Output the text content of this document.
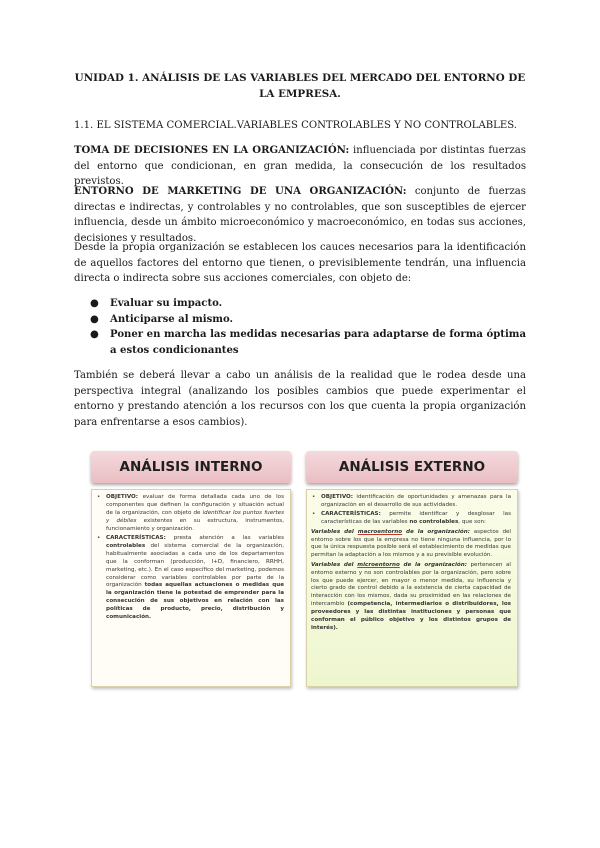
UNIDAD 1. ANÁLISIS DE LAS VARIABLES DEL MERCADO DEL ENTORNO DE LA EMPRESA.
1.1. EL SISTEMA COMERCIAL.VARIABLES CONTROLABLES Y NO CONTROLABLES.
TOMA DE DECISIONES EN LA ORGANIZACIÓN: influenciada por distintas fuerzas del entorno que condicionan, en gran medida, la consecución de los resultados previstos.
ENTORNO DE MARKETING DE UNA ORGANIZACIÓN: conjunto de fuerzas directas e indirectas, y controlables y no controlables, que son susceptibles de ejercer influencia, desde un ámbito microeconómico y macroeconómico, en todas sus acciones, decisiones y resultados.
Desde la propia organización se establecen los cauces necesarios para la identificación de aquellos factores del entorno que tienen, o previsiblemente tendrán, una influencia directa o indirecta sobre sus acciones comerciales, con objeto de:
● Evaluar su impacto.
● Anticiparse al mismo.
● Poner en marcha las medidas necesarias para adaptarse de forma óptima a estos condicionantes
También se deberá llevar a cabo un análisis de la realidad que le rodea desde una perspectiva integral (analizando los posibles cambios que puede experimentar el entorno y prestando atención a los recursos con los que cuenta la propia organización para enfrentarse a esos cambios).
ANÁLISIS INTERNO
• OBJETIVO: evaluar de forma detallada cada uno de los componentes que definen la configuración y situación actual de la organización, con objeto de identificar los puntos fuertes y débiles existentes en su estructura, instrumentos, funcionamiento y organización.
• CARACTERÍSTICAS: presta atención a las variables controlables del sistema comercial de la organización, habitualmente asociadas a cada uno de los departamentos que la conforman (producción, I+D, financiero, RRHH, marketing, etc.). En el caso específico del marketing, podemos considerar como variables controlables por parte de la organización todas aquellas actuaciones o medidas que la organización tiene la potestad de emprender para la consecución de sus objetivos en relación con las políticas de producto, precio, distribución y comunicación.
ANÁLISIS EXTERNO
• OBJETIVO: identificación de oportunidades y amenazas para la organización en el desarrollo de sus actividades.
• CARACTERÍSTICAS: permite identificar y desglosar las características de las variables no controlables, que son:
Variables del macroentorno de la organización: aspectos del entorno sobre los que la empresa no tiene ninguna influencia, por lo que la única respuesta posible será el establecimiento de medidas que permitan la adaptación a los mismos y a su previsible evolución.
Variables del microentorno de la organización: pertenecen al entorno externo y no son controlables por la organización, pero sobre los que puede ejercer, en mayor o menor medida, su influencia y cierto grado de control debido a la existencia de cierta capacidad de interacción con los mismos, dada su proximidad en las relaciones de intercambio (competencia, intermediarios o distribuidores, los proveedores y las distintas instituciones y personas que conforman el público objetivo y los distintos grupos de interés).
